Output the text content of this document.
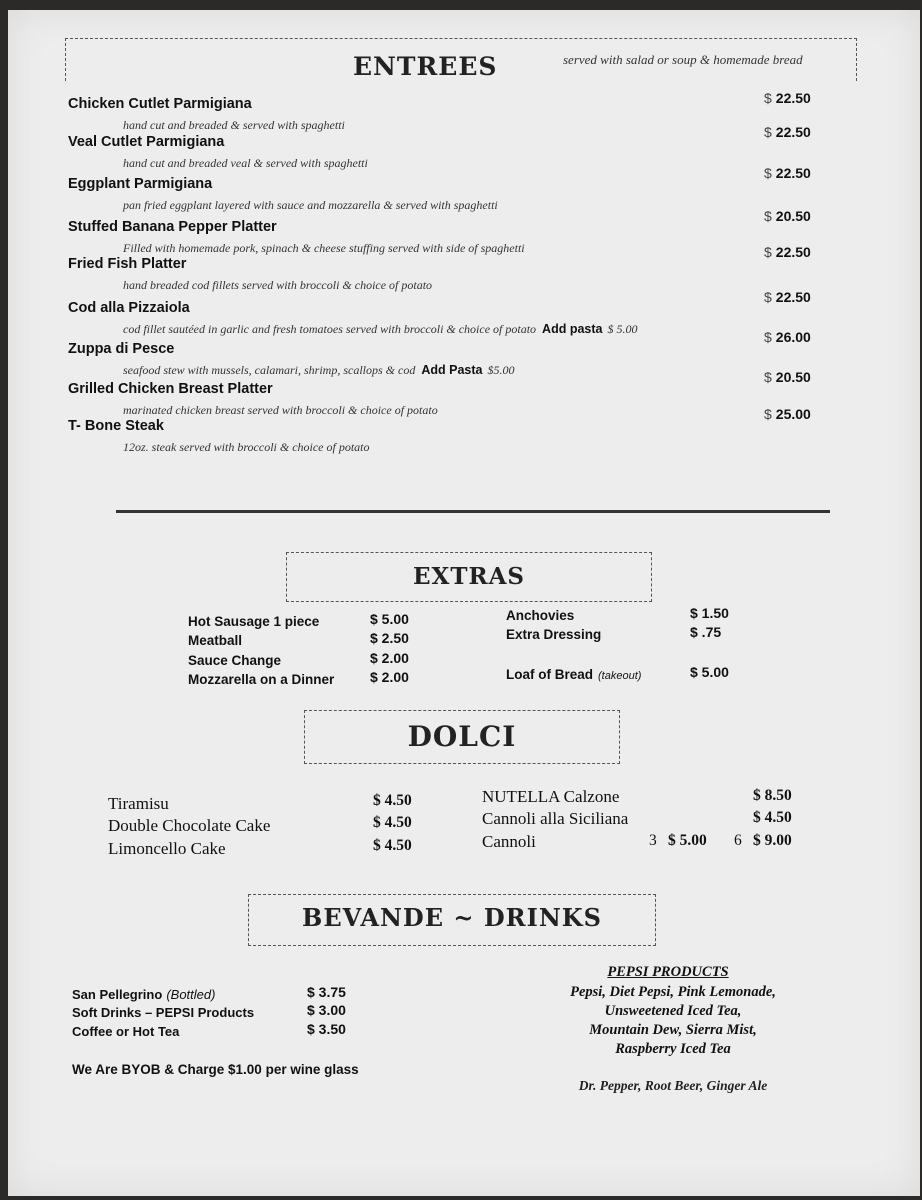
ENTREES	served with salad or soup & homemade bread
Chicken Cutlet Parmigiana
hand cut and breaded & served with spaghetti
$ 22.50
Veal Cutlet Parmigiana
hand cut and breaded veal & served with spaghetti
$ 22.50
Eggplant Parmigiana
pan fried eggplant layered with sauce and mozzarella & served with spaghetti
$ 22.50
Stuffed Banana Pepper Platter
Filled with homemade pork, spinach & cheese stuffing served with side of spaghetti
$ 20.50
Fried Fish Platter
hand breaded cod fillets served with broccoli & choice of potato
$ 22.50
Cod alla Pizzaiola
cod fillet sautéed in garlic and fresh tomatoes served with broccoli & choice of potato Add pasta $ 5.00
$ 22.50
Zuppa di Pesce
seafood stew with mussels, calamari, shrimp, scallops & cod Add Pasta $5.00
$ 26.00
Grilled Chicken Breast Platter
marinated chicken breast served with broccoli & choice of potato
$ 20.50
T- Bone Steak
12oz. steak served with broccoli & choice of potato
$ 25.00
EXTRAS
Hot Sausage 1 piece	$ 5.00
Meatball	$ 2.50
Sauce Change	$ 2.00
Mozzarella on a Dinner	$ 2.00
Anchovies	$ 1.50
Extra Dressing	$ .75
Loaf of Bread (takeout)	$ 5.00
DOLCI
Tiramisu	$ 4.50
Double Chocolate Cake	$ 4.50
Limoncello Cake	$ 4.50
NUTELLA Calzone	$ 8.50
Cannoli alla Siciliana	$ 4.50
Cannoli	3 $ 5.00 6 $ 9.00
BEVANDE ~ DRINKS
San Pellegrino (Bottled)	$ 3.75
Soft Drinks – PEPSI Products	$ 3.00
Coffee or Hot Tea	$ 3.50
We Are BYOB & Charge $1.00 per wine glass
PEPSI PRODUCTS
Pepsi, Diet Pepsi, Pink Lemonade,
Unsweetened Iced Tea,
Mountain Dew, Sierra Mist,
Raspberry Iced Tea
Dr. Pepper, Root Beer, Ginger Ale
